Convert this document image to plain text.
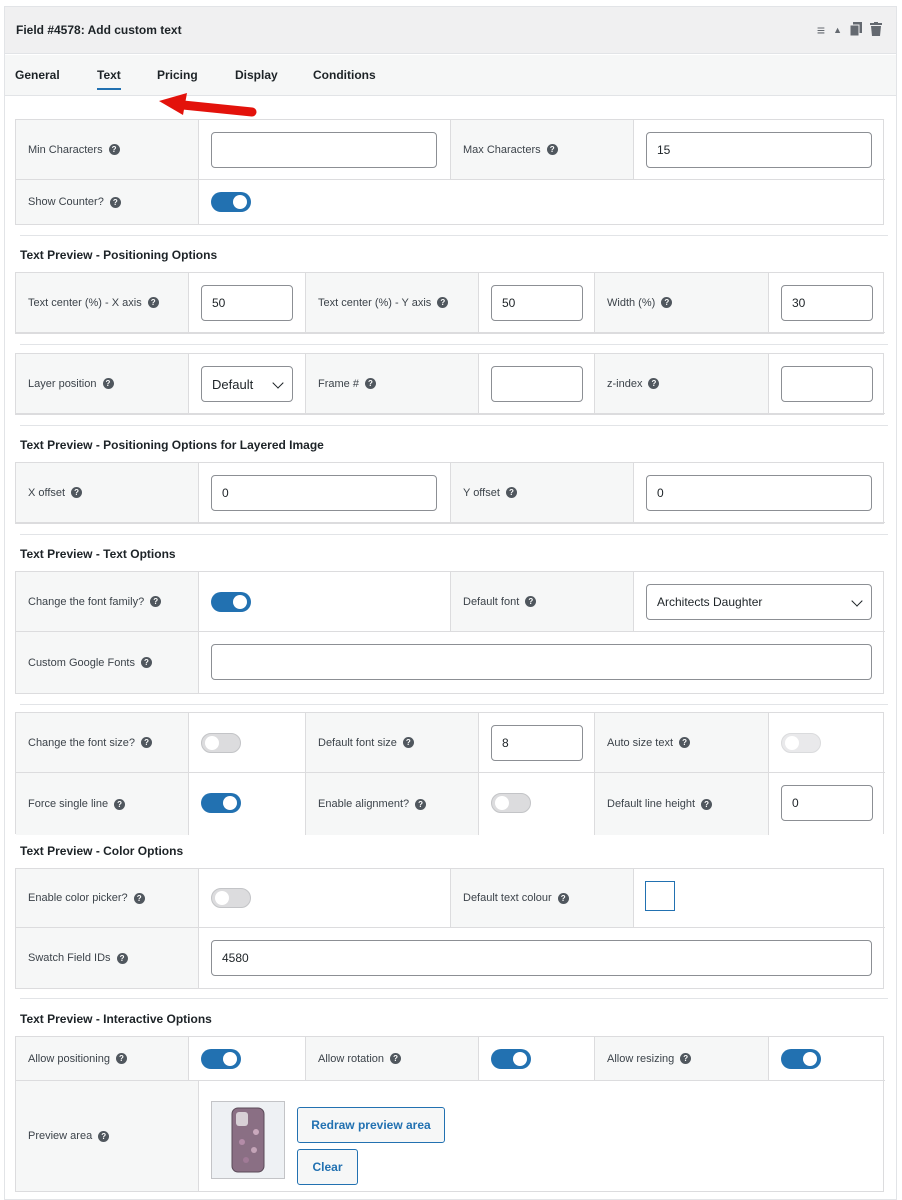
Field #4578: Add custom text	≡ ▲
General	Text	Pricing	Display	Conditions
Min Characters	?	Max Characters	?	15
Show Counter?	?
Text Preview - Positioning Options
Text center (%) - X axis	?	50	Text center (%) - Y axis	?	50	Width (%)	?	30
Layer position	?	Default	Frame #	?	z-index	?
Text Preview - Positioning Options for Layered Image
X offset	?	0	Y offset	?	0
Text Preview - Text Options
Change the font family?	?	Default font	?	Architects Daughter
Custom Google Fonts	?
Change the font size?	?	Default font size	?	8	Auto size text	?
Force single line	?	Enable alignment?	?	Default line height	?	0
Text Preview - Color Options
Enable color picker?	?	Default text colour	?
Swatch Field IDs	?	4580
Text Preview - Interactive Options
Allow positioning	?	Allow rotation	?	Allow resizing	?
Preview area	?
Redraw preview area
Clear
